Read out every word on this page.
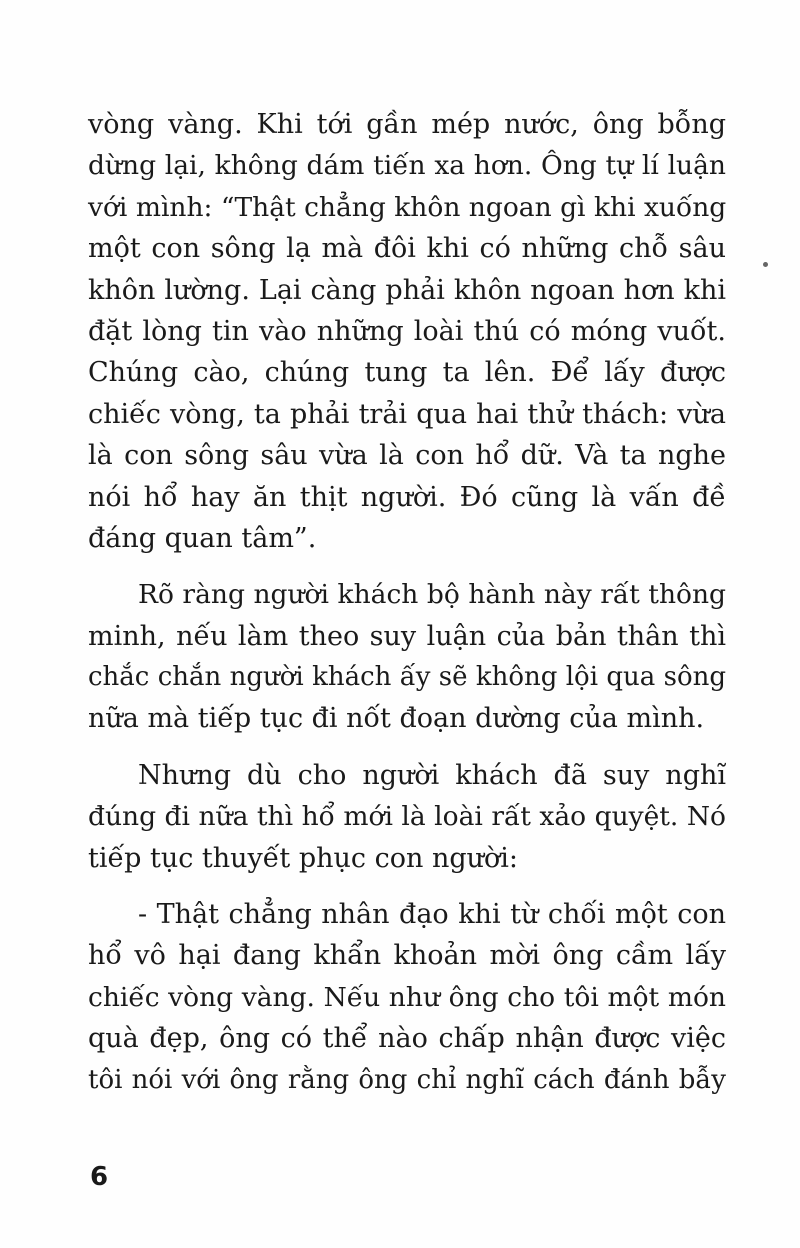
vòng vàng. Khi tới gần mép nước, ông bỗng
dừng lại, không dám tiến xa hơn. Ông tự lí luận
với mình: “Thật chẳng khôn ngoan gì khi xuống
một con sông lạ mà đôi khi có những chỗ sâu
khôn lường. Lại càng phải khôn ngoan hơn khi
đặt lòng tin vào những loài thú có móng vuốt.
Chúng cào, chúng tung ta lên. Để lấy được
chiếc vòng, ta phải trải qua hai thử thách: vừa
là con sông sâu vừa là con hổ dữ. Và ta nghe
nói hổ hay ăn thịt người. Đó cũng là vấn đề
đáng quan tâm”.
Rõ ràng người khách bộ hành này rất thông
minh, nếu làm theo suy luận của bản thân thì
chắc chắn người khách ấy sẽ không lội qua sông
nữa mà tiếp tục đi nốt đoạn dường của mình.
Nhưng dù cho người khách đã suy nghĩ
đúng đi nữa thì hổ mới là loài rất xảo quyệt. Nó
tiếp tục thuyết phục con người:
- Thật chẳng nhân đạo khi từ chối một con
hổ vô hại đang khẩn khoản mời ông cầm lấy
chiếc vòng vàng. Nếu như ông cho tôi một món
quà đẹp, ông có thể nào chấp nhận được việc
tôi nói với ông rằng ông chỉ nghĩ cách đánh bẫy
6
